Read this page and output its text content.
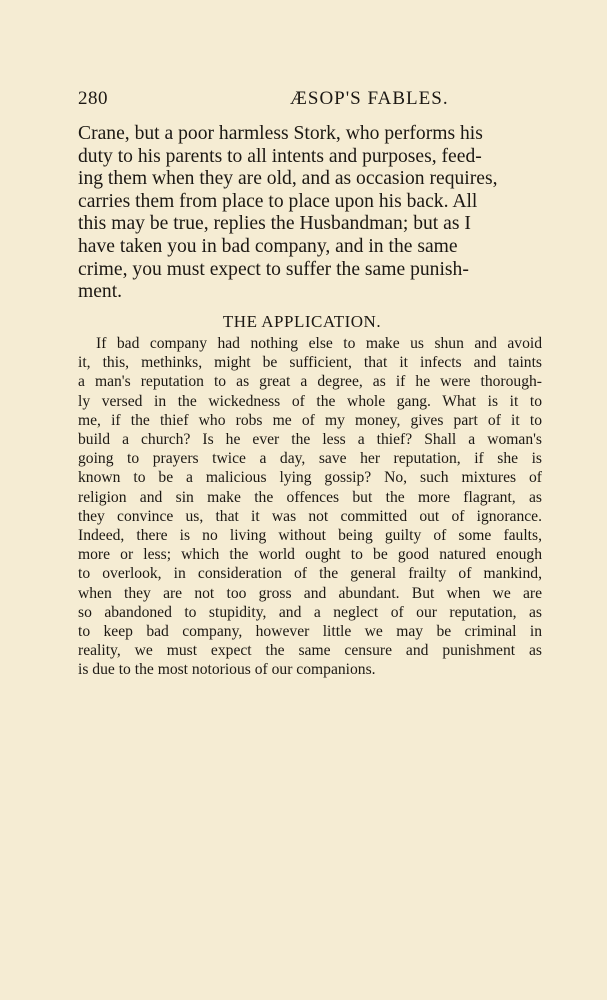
280	ÆSOP'S FABLES.

Crane, but a poor harmless Stork, who performs his

duty to his parents to all intents and purposes, feed-

ing them when they are old, and as occasion requires,

carries them from place to place upon his back. All

this may be true, replies the Husbandman; but as I

have taken you in bad company, and in the same

crime, you must expect to suffer the same punish-

ment.

THE APPLICATION.
If bad company had nothing else to make us shun and avoid
it, this, methinks, might be sufficient, that it infects and taints
a man's reputation to as great a degree, as if he were thorough-
ly versed in the wickedness of the whole gang. What is it to
me, if the thief who robs me of my money, gives part of it to
build a church? Is he ever the less a thief? Shall a woman's
going to prayers twice a day, save her reputation, if she is
known to be a malicious lying gossip? No, such mixtures of
religion and sin make the offences but the more flagrant, as
they convince us, that it was not committed out of ignorance.
Indeed, there is no living without being guilty of some faults,
more or less; which the world ought to be good natured enough
to overlook, in consideration of the general frailty of mankind,
when they are not too gross and abundant. But when we are
so abandoned to stupidity, and a neglect of our reputation, as
to keep bad company, however little we may be criminal in
reality, we must expect the same censure and punishment as
is due to the most notorious of our companions.
